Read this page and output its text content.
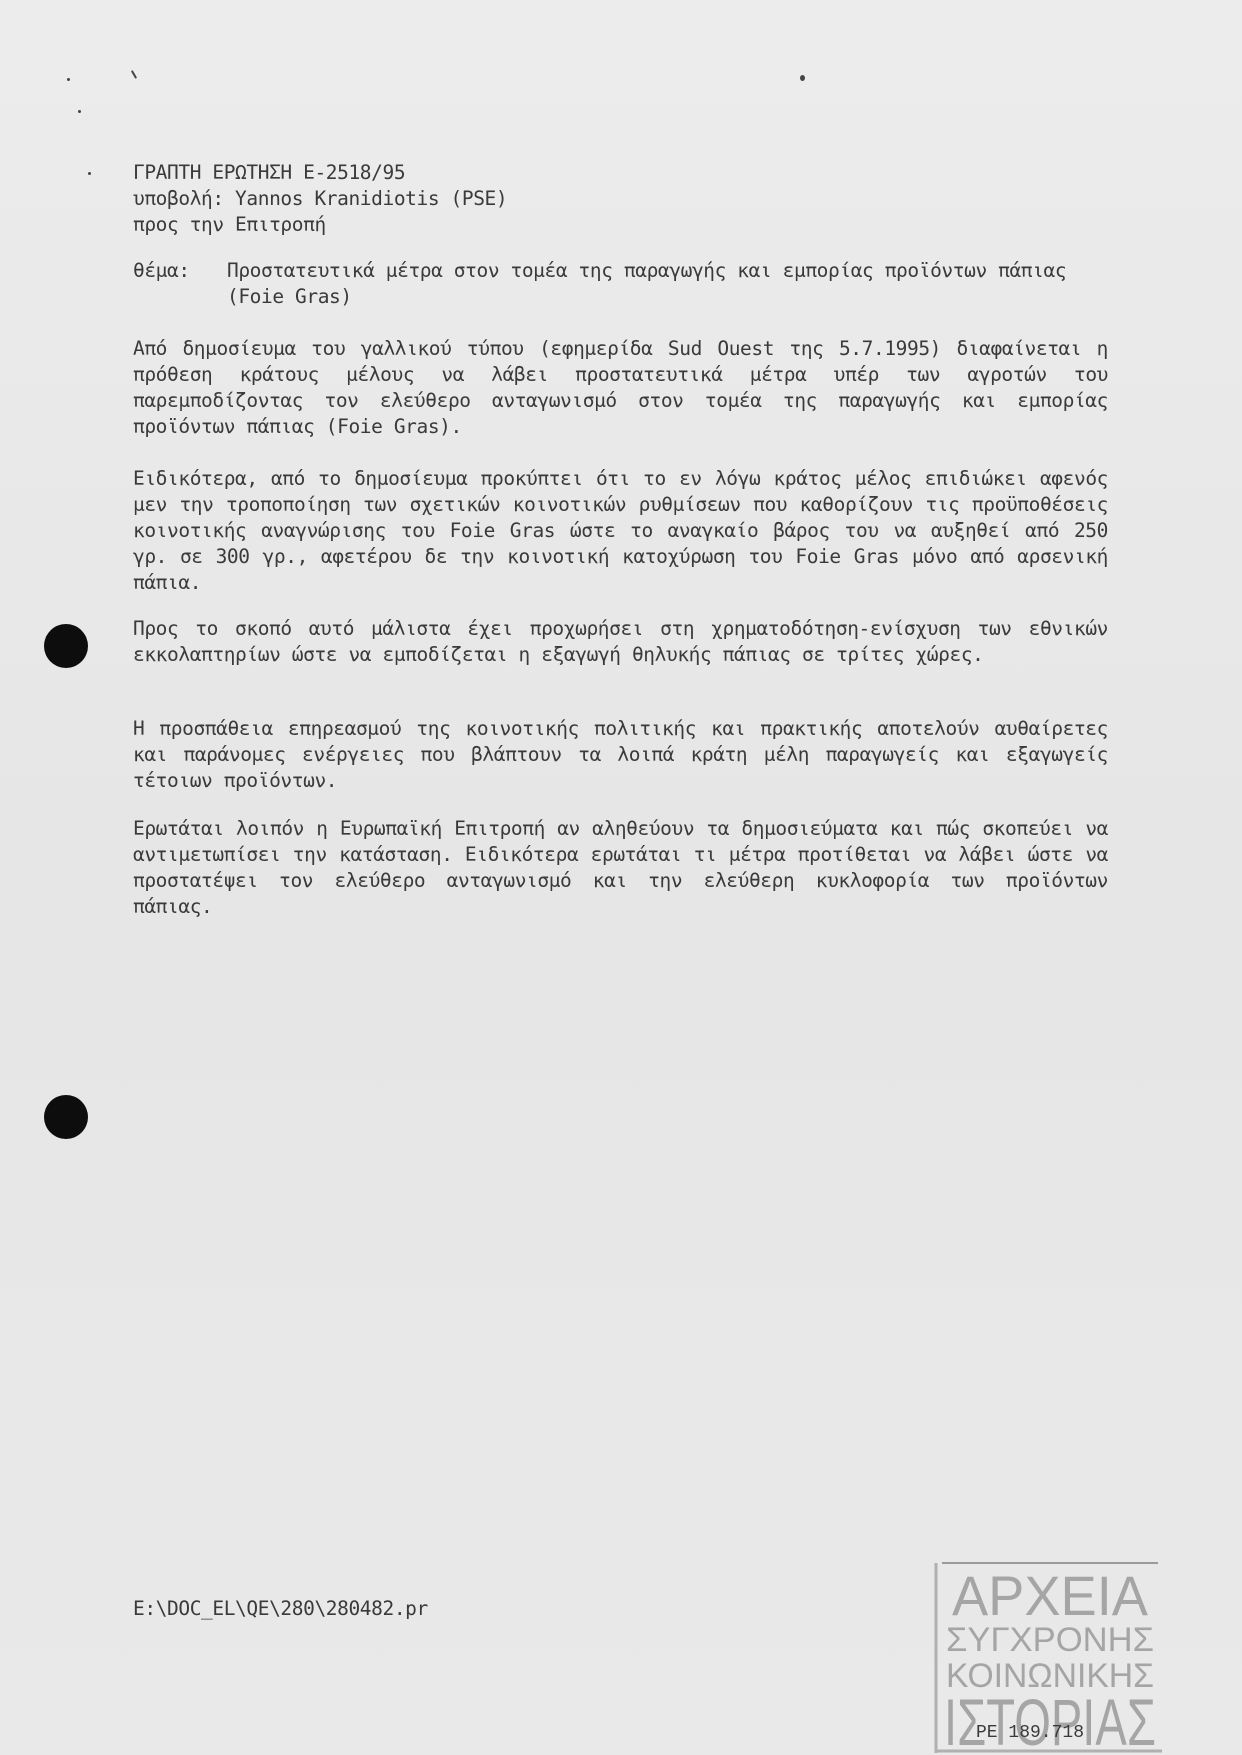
ΓΡΑΠΤΗ ΕΡΩΤΗΣΗ Ε-2518/95
υποβολή: Yannos Kranidiotis (PSE)
προς την Επιτροπή
θέμα:	Προστατευτικά μέτρα στον τομέα της παραγωγής και εμπορίας προϊόντων πάπιας (Foie Gras)
Από δημοσίευμα του γαλλικού τύπου (εφημερίδα Sud Ouest της 5.7.1995) διαφαίνεται η πρόθεση κράτους μέλους να λάβει προστατευτικά μέτρα υπέρ των αγροτών του παρεμποδίζοντας τον ελεύθερο ανταγωνισμό στον τομέα της παραγωγής και εμπορίας προϊόντων πάπιας (Foie Gras).
Ειδικότερα, από το δημοσίευμα προκύπτει ότι το εν λόγω κράτος μέλος επιδιώκει αφενός μεν την τροποποίηση των σχετικών κοινοτικών ρυθμίσεων που καθορίζουν τις προϋποθέσεις κοινοτικής αναγνώρισης του Foie Gras ώστε το αναγκαίο βάρος του να αυξηθεί από 250 γρ. σε 300 γρ., αφετέρου δε την κοινοτική κατοχύρωση του Foie Gras μόνο από αρσενική πάπια.
Προς το σκοπό αυτό μάλιστα έχει προχωρήσει στη χρηματοδότηση-ενίσχυση των εθνικών εκκολαπτηρίων ώστε να εμποδίζεται η εξαγωγή θηλυκής πάπιας σε τρίτες χώρες.
Η προσπάθεια επηρεασμού της κοινοτικής πολιτικής και πρακτικής αποτελούν αυθαίρετες και παράνομες ενέργειες που βλάπτουν τα λοιπά κράτη μέλη παραγωγείς και εξαγωγείς τέτοιων προϊόντων.
Ερωτάται λοιπόν η Ευρωπαϊκή Επιτροπή αν αληθεύουν τα δημοσιεύματα και πώς σκοπεύει να αντιμετωπίσει την κατάσταση. Ειδικότερα ερωτάται τι μέτρα προτίθεται να λάβει ώστε να προστατέψει τον ελεύθερο ανταγωνισμό και την ελεύθερη κυκλοφορία των προϊόντων πάπιας.
E:\DOC_EL\QE\280\280482.pr	ΑΡΧΕΙΑ
ΣΥΓΧΡΟΝΗΣ
ΚΟΙΝΩΝΙΚΗΣ
ΙΣΤΟΡΙΑΣ
PE 189.718
